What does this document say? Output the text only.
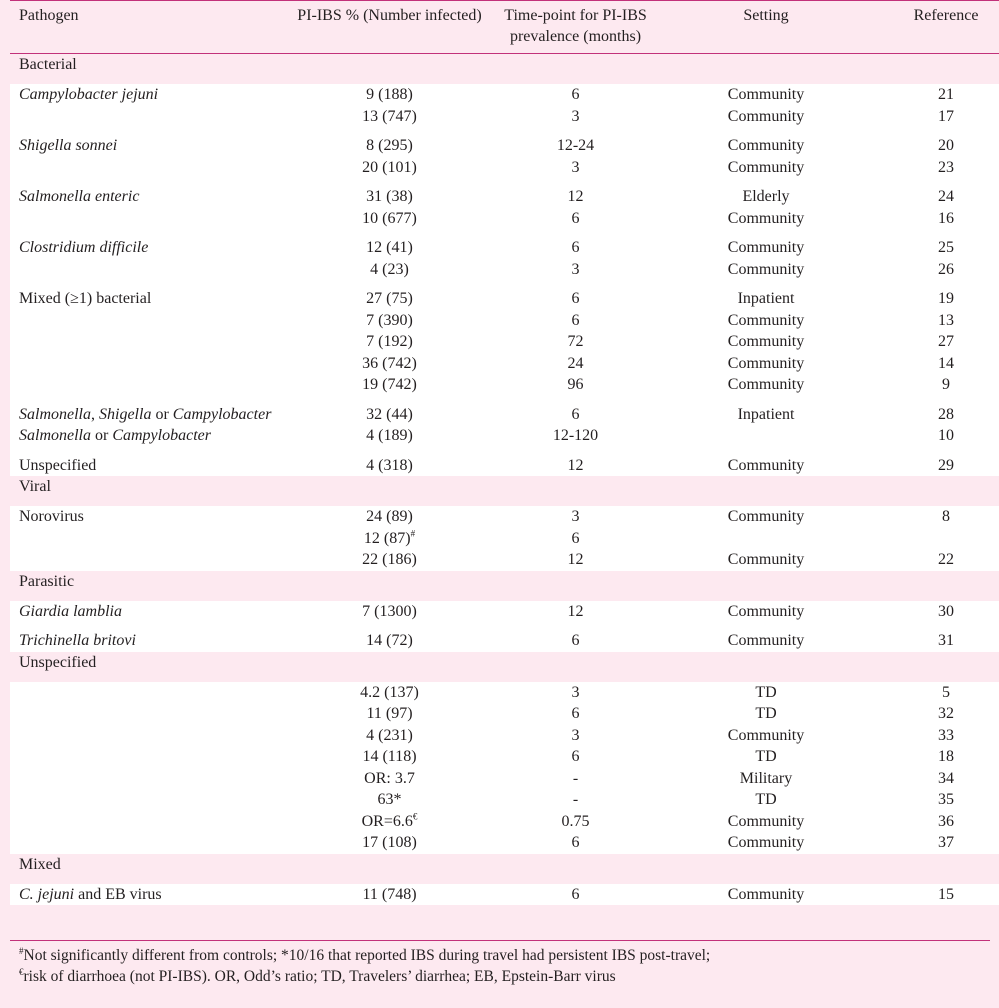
Pathogen	PI-IBS % (Number infected)	Time-point for PI-IBS prevalence (months)	Setting	Reference
Bacterial				
Campylobacter jejuni	9 (188)	6	Community	21
	13 (747)	3	Community	17
Shigella sonnei	8 (295)	12-24	Community	20
	20 (101)	3	Community	23
Salmonella enteric	31 (38)	12	Elderly	24
	10 (677)	6	Community	16
Clostridium difficile	12 (41)	6	Community	25
	4 (23)	3	Community	26
Mixed (≥1) bacterial	27 (75)	6	Inpatient	19
	7 (390)	6	Community	13
	7 (192)	72	Community	27
	36 (742)	24	Community	14
	19 (742)	96	Community	9
Salmonella, Shigella or Campylobacter	32 (44)	6	Inpatient	28
Salmonella or Campylobacter	4 (189)	12-120		10
Unspecified	4 (318)	12	Community	29
Viral				
Norovirus	24 (89)	3	Community	8
	12 (87)#	6		
	22 (186)	12	Community	22
Parasitic				
Giardia lamblia	7 (1300)	12	Community	30
Trichinella britovi	14 (72)	6	Community	31
Unspecified				
	4.2 (137)	3	TD	5
	11 (97)	6	TD	32
	4 (231)	3	Community	33
	14 (118)	6	TD	18
	OR: 3.7	-	Military	34
	63*	-	TD	35
	OR=6.6€	0.75	Community	36
	17 (108)	6	Community	37
Mixed				
C. jejuni and EB virus	11 (748)	6	Community	15
#Not significantly different from controls; *10/16 that reported IBS during travel had persistent IBS post-travel;
€risk of diarrhoea (not PI-IBS). OR, Odd’s ratio; TD, Travelers’ diarrhea; EB, Epstein-Barr virus
